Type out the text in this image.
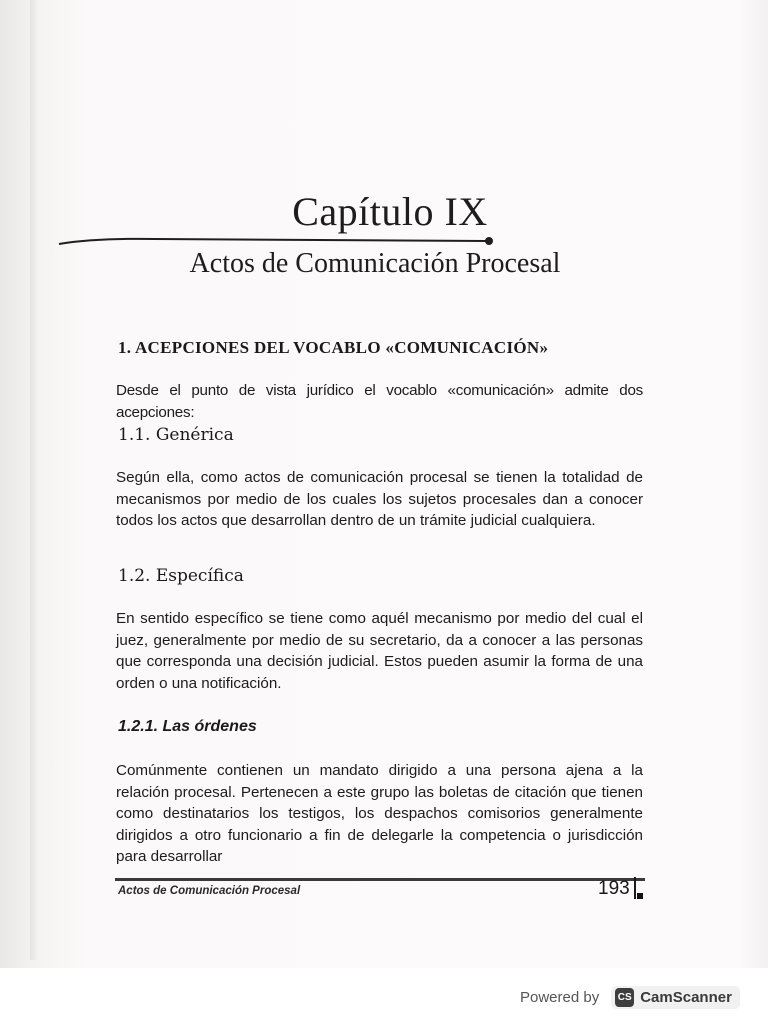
Capítulo IX
Actos de Comunicación Procesal
1. ACEPCIONES DEL VOCABLO «COMUNICACIÓN»

Desde el punto de vista jurídico el vocablo «comunicación» admite dos acepciones:

1.1. Genérica

Según ella, como actos de comunicación procesal se tienen la totalidad de mecanismos por medio de los cuales los sujetos procesales dan a conocer todos los actos que desarrollan dentro de un trámite judicial cualquiera.

1.2. Específica

En sentido específico se tiene como aquél mecanismo por medio del cual el juez, generalmente por medio de su secretario, da a conocer a las personas que corresponda una decisión judicial. Estos pueden asumir la forma de una orden o una notificación.

1.2.1. Las órdenes

Comúnmente contienen un mandato dirigido a una persona ajena a la relación procesal. Pertenecen a este grupo las boletas de citación que tienen como destinatarios los testigos, los despachos comisorios generalmente dirigidos a otro funcionario a fin de delegarle la competencia o jurisdicción para desarrollar

Actos de Comunicación Procesal	193
Powered by CS CamScanner
